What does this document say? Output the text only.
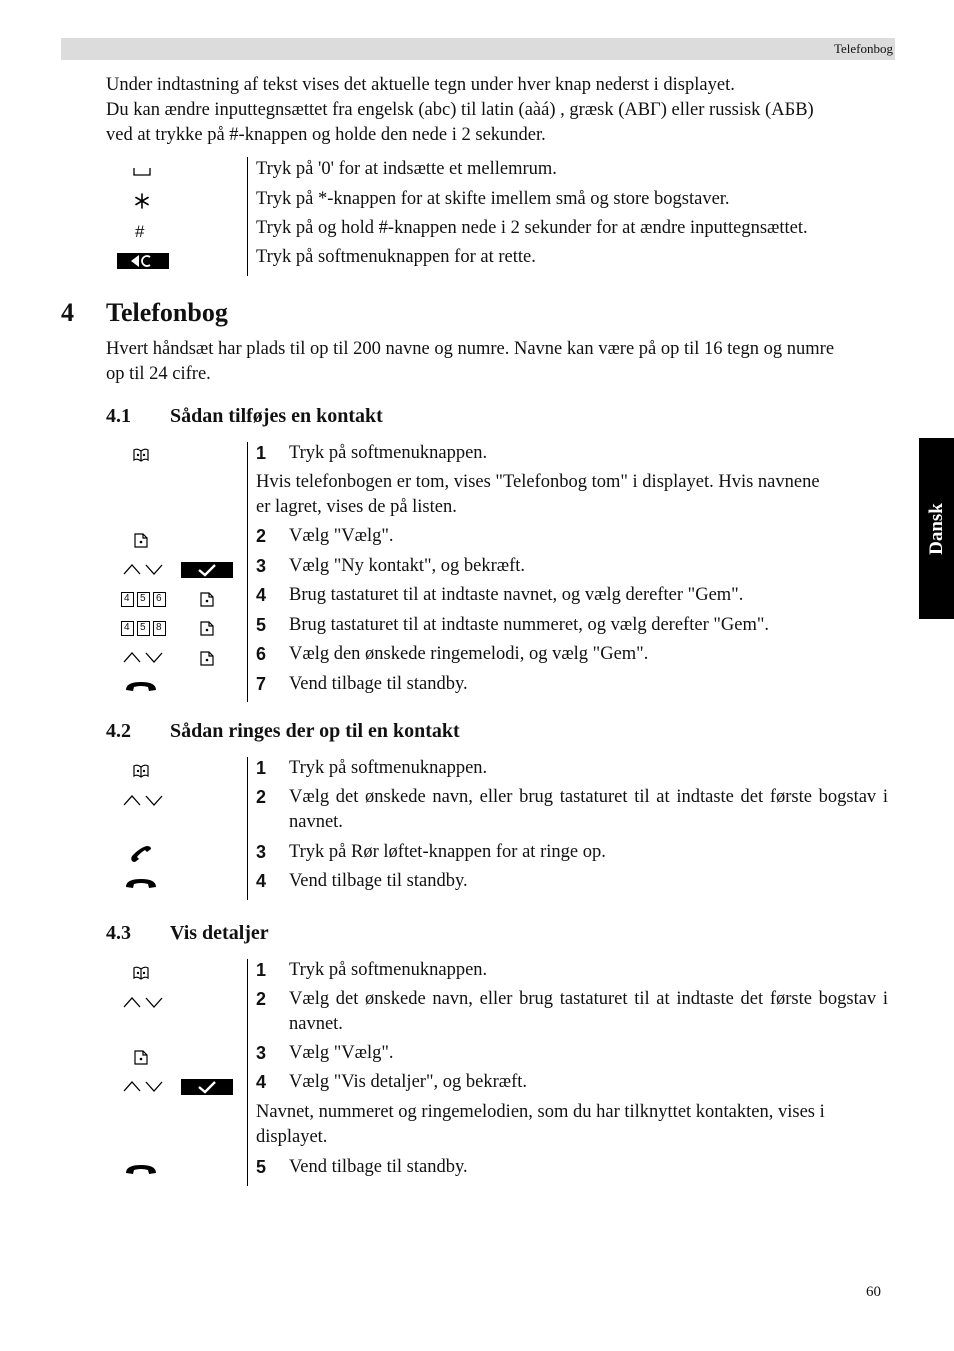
Telefonbog
Dansk
Under indtastning af tekst vises det aktuelle tegn under hver knap nederst i displayet.
Du kan ændre inputtegnsættet fra engelsk (abc) til latin (aàá) , græsk (ΑΒΓ) eller russisk (АБВ)
ved at trykke på #-knappen og holde den nede i 2 sekunder.
#
Tryk på '0' for at indsætte et mellemrum.
Tryk på *-knappen for at skifte imellem små og store bogstaver.
Tryk på og hold #-knappen nede i 2 sekunder for at ændre inputtegnsættet.
Tryk på softmenuknappen for at rette.
4 Telefonbog
Hvert håndsæt har plads til op til 200 navne og numre. Navne kan være på op til 16 tegn og numre
op til 24 cifre.
4.1 Sådan tilføjes en kontakt
1 Tryk på softmenuknappen.
Hvis telefonbogen er tom, vises "Telefonbog tom" i displayet. Hvis navnene
er lagret, vises de på listen.
2 Vælg "Vælg".
3 Vælg "Ny kontakt", og bekræft.
4 5 6	4 Brug tastaturet til at indtaste navnet, og vælg derefter "Gem".
4 5 8	5 Brug tastaturet til at indtaste nummeret, og vælg derefter "Gem".
6 Vælg den ønskede ringemelodi, og vælg "Gem".
7 Vend tilbage til standby.
4.2 Sådan ringes der op til en kontakt
1 Tryk på softmenuknappen.
2 Vælg det ønskede navn, eller brug tastaturet til at indtaste det første bogstav i navnet.
3 Tryk på Rør løftet-knappen for at ringe op.
4 Vend tilbage til standby.
4.3 Vis detaljer
1 Tryk på softmenuknappen.
2 Vælg det ønskede navn, eller brug tastaturet til at indtaste det første bogstav i navnet.
3 Vælg "Vælg".
4 Vælg "Vis detaljer", og bekræft.
Navnet, nummeret og ringemelodien, som du har tilknyttet kontakten, vises i
displayet.
5 Vend tilbage til standby.
60
